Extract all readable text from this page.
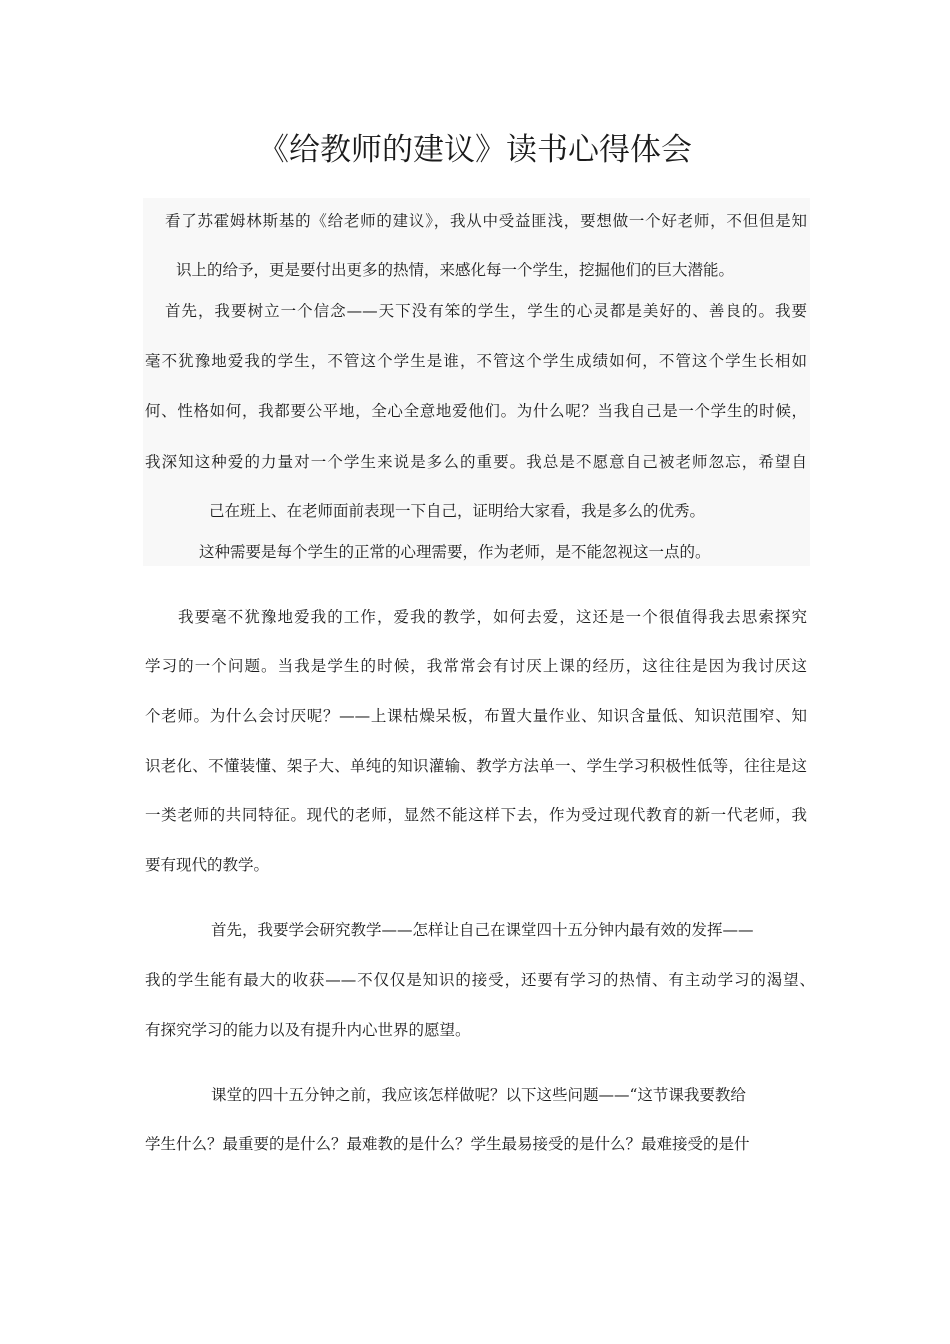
《给教师的建议》读书心得体会
看了苏霍姆林斯基的《给老师的建议》，我从中受益匪浅，要想做一个好老师，不但但是知
识上的给予，更是要付出更多的热情，来感化每一个学生，挖掘他们的巨大潜能。
首先，我要树立一个信念——天下没有笨的学生，学生的心灵都是美好的、善良的。我要
毫不犹豫地爱我的学生，不管这个学生是谁，不管这个学生成绩如何，不管这个学生长相如
何、性格如何，我都要公平地，全心全意地爱他们。为什么呢？当我自己是一个学生的时候，
我深知这种爱的力量对一个学生来说是多么的重要。我总是不愿意自己被老师忽忘，希望自
己在班上、在老师面前表现一下自己，证明给大家看，我是多么的优秀。
这种需要是每个学生的正常的心理需要，作为老师，是不能忽视这一点的。
我要毫不犹豫地爱我的工作，爱我的教学，如何去爱，这还是一个很值得我去思索探究
学习的一个问题。当我是学生的时候，我常常会有讨厌上课的经历，这往往是因为我讨厌这
个老师。为什么会讨厌呢？——上课枯燥呆板，布置大量作业、知识含量低、知识范围窄、知
识老化、不懂装懂、架子大、单纯的知识灌输、教学方法单一、学生学习积极性低等，往往是这
一类老师的共同特征。现代的老师，显然不能这样下去，作为受过现代教育的新一代老师，我
要有现代的教学。
首先，我要学会研究教学——怎样让自己在课堂四十五分钟内最有效的发挥——
我的学生能有最大的收获——不仅仅是知识的接受，还要有学习的热情、有主动学习的渴望、
有探究学习的能力以及有提升内心世界的愿望。
课堂的四十五分钟之前，我应该怎样做呢？以下这些问题——“这节课我要教给
学生什么？最重要的是什么？最难教的是什么？学生最易接受的是什么？最难接受的是什
